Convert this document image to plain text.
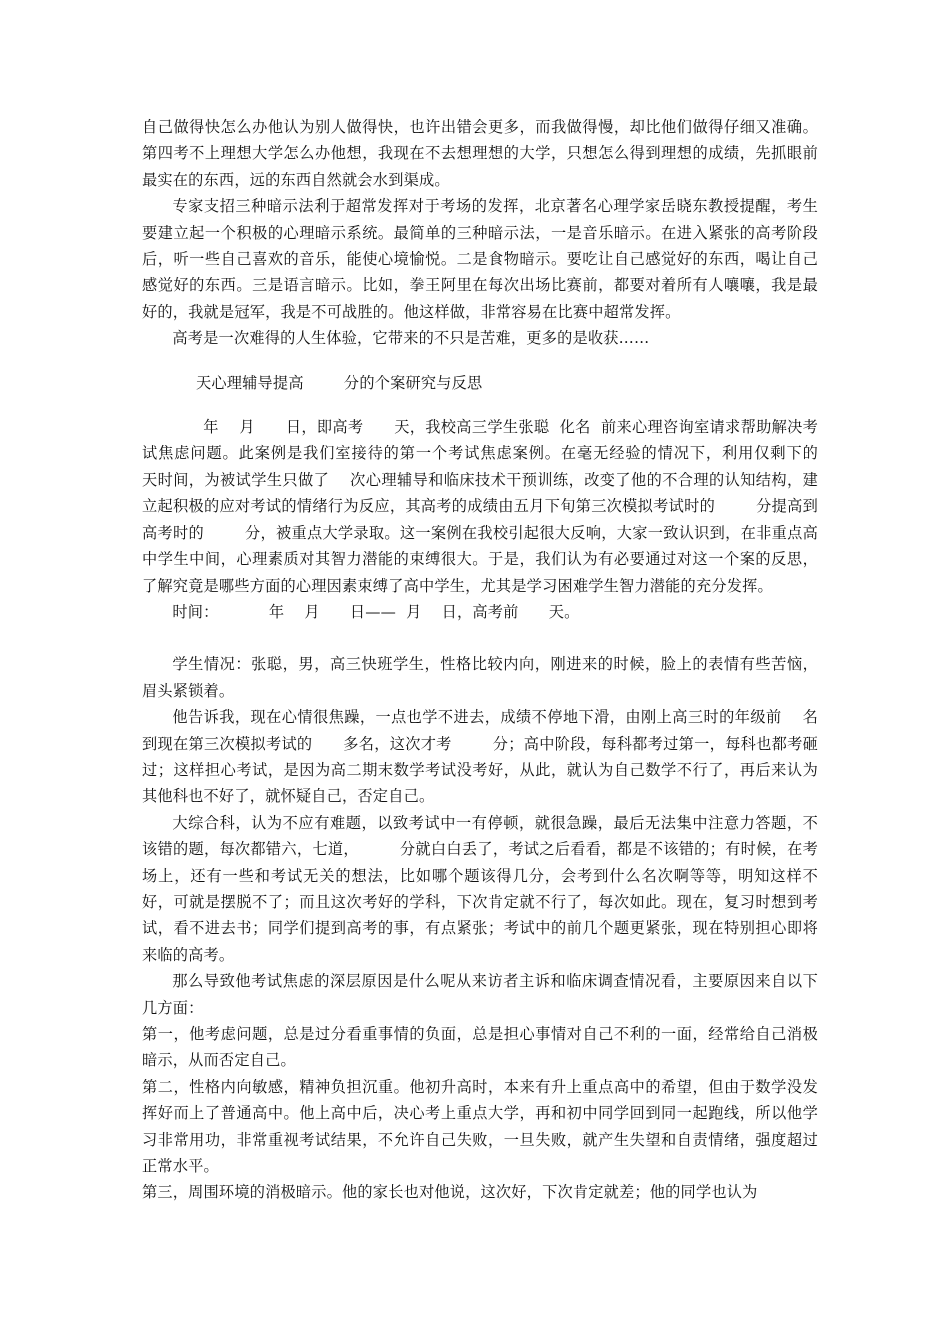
自己做得快怎么办他认为别人做得快，也许出错会更多，而我做得慢，却比他们做得仔细又准确。第四考不上理想大学怎么办他想，我现在不去想理想的大学，只想怎么得到理想的成绩，先抓眼前最实在的东西，远的东西自然就会水到渠成。

专家支招三种暗示法利于超常发挥对于考场的发挥，北京著名心理学家岳晓东教授提醒，考生要建立起一个积极的心理暗示系统。最简单的三种暗示法，一是音乐暗示。在进入紧张的高考阶段后，听一些自己喜欢的音乐，能使心境愉悦。二是食物暗示。要吃让自己感觉好的东西，喝让自己感觉好的东西。三是语言暗示。比如，拳王阿里在每次出场比赛前，都要对着所有人嚷嚷，我是最好的，我就是冠军，我是不可战胜的。他这样做，非常容易在比赛中超常发挥。

高考是一次难得的人生体验，它带来的不只是苦难，更多的是收获……

天心理辅导提高        分的个案研究与反思

年    月      日，即高考      天，我校高三学生张聪  化名  前来心理咨询室请求帮助解决考试焦虑问题。此案例是我们室接待的第一个考试焦虑案例。在毫无经验的情况下，利用仅剩下的      天时间，为被试学生只做了    次心理辅导和临床技术干预训练，改变了他的不合理的认知结构，建立起积极的应对考试的情绪行为反应，其高考的成绩由五月下旬第三次模拟考试时的        分提高到高考时的        分，被重点大学录取。这一案例在我校引起很大反响，大家一致认识到，在非重点高中学生中间，心理素质对其智力潜能的束缚很大。于是，我们认为有必要通过对这一个案的反思，了解究竟是哪些方面的心理因素束缚了高中学生，尤其是学习困难学生智力潜能的充分发挥。

时间：          年    月      日——  月    日，高考前      天。

学生情况：张聪，男，高三快班学生，性格比较内向，刚进来的时候，脸上的表情有些苦恼，眉头紧锁着。

他告诉我，现在心情很焦躁，一点也学不进去，成绩不停地下滑，由刚上高三时的年级前    名到现在第三次模拟考试的      多名，这次才考        分；高中阶段，每科都考过第一，每科也都考砸过；这样担心考试，是因为高二期末数学考试没考好，从此，就认为自己数学不行了，再后来认为其他科也不好了，就怀疑自己，否定自己。

大综合科，认为不应有难题，以致考试中一有停顿，就很急躁，最后无法集中注意力答题，不该错的题，每次都错六，七道，        分就白白丢了，考试之后看看，都是不该错的；有时候，在考场上，还有一些和考试无关的想法，比如哪个题该得几分，会考到什么名次啊等等，明知这样不好，可就是摆脱不了；而且这次考好的学科，下次肯定就不行了，每次如此。现在，复习时想到考试，看不进去书；同学们提到高考的事，有点紧张；考试中的前几个题更紧张，现在特别担心即将来临的高考。

那么导致他考试焦虑的深层原因是什么呢从来访者主诉和临床调查情况看，主要原因来自以下几方面：

第一，他考虑问题，总是过分看重事情的负面，总是担心事情对自己不利的一面，经常给自己消极暗示，从而否定自己。

第二，性格内向敏感，精神负担沉重。他初升高时，本来有升上重点高中的希望，但由于数学没发挥好而上了普通高中。他上高中后，决心考上重点大学，再和初中同学回到同一起跑线，所以他学习非常用功，非常重视考试结果，不允许自己失败，一旦失败，就产生失望和自责情绪，强度超过正常水平。

第三，周围环境的消极暗示。他的家长也对他说，这次好，下次肯定就差；他的同学也认为
